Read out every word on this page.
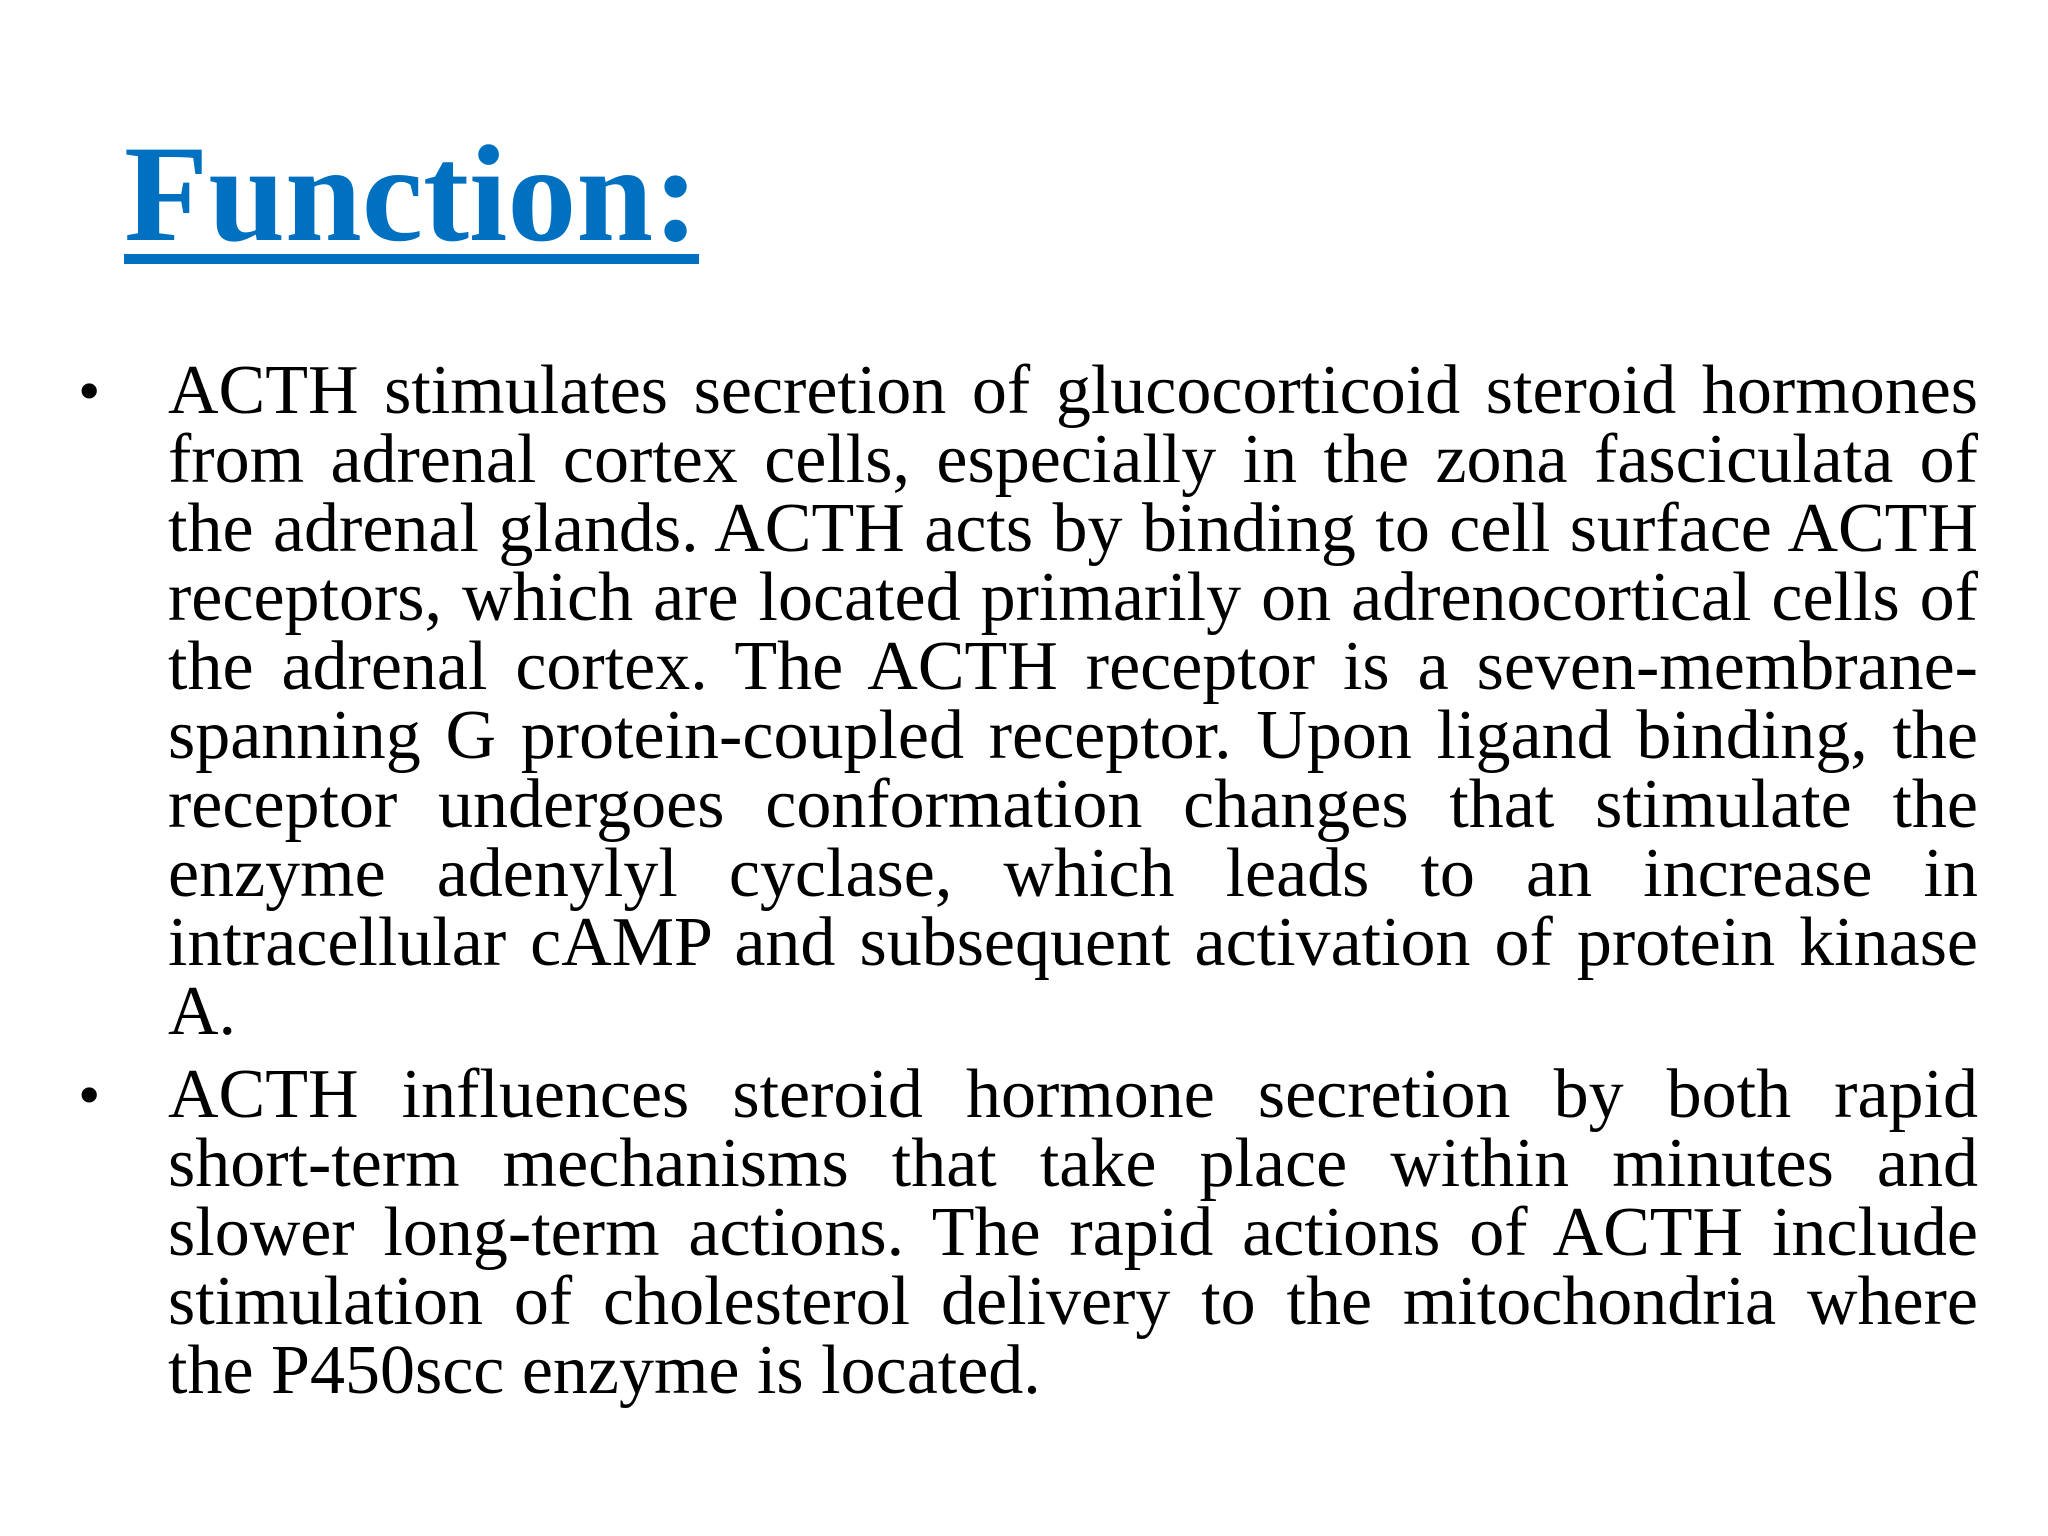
Function:
• ACTH stimulates secretion of glucocorticoid steroid hormones from adrenal cortex cells, especially in the zona fasciculata of the adrenal glands. ACTH acts by binding to cell surface ACTH receptors, which are located primarily on adrenocortical cells of the adrenal cortex. The ACTH receptor is a seven-membrane-spanning G protein-coupled receptor. Upon ligand binding, the receptor undergoes conformation changes that stimulate the enzyme adenylyl cyclase, which leads to an increase in intracellular cAMP and subsequent activation of protein kinase A.

• ACTH influences steroid hormone secretion by both rapid short-term mechanisms that take place within minutes and slower long-term actions. The rapid actions of ACTH include stimulation of cholesterol delivery to the mitochondria where the P450scc enzyme is located.
